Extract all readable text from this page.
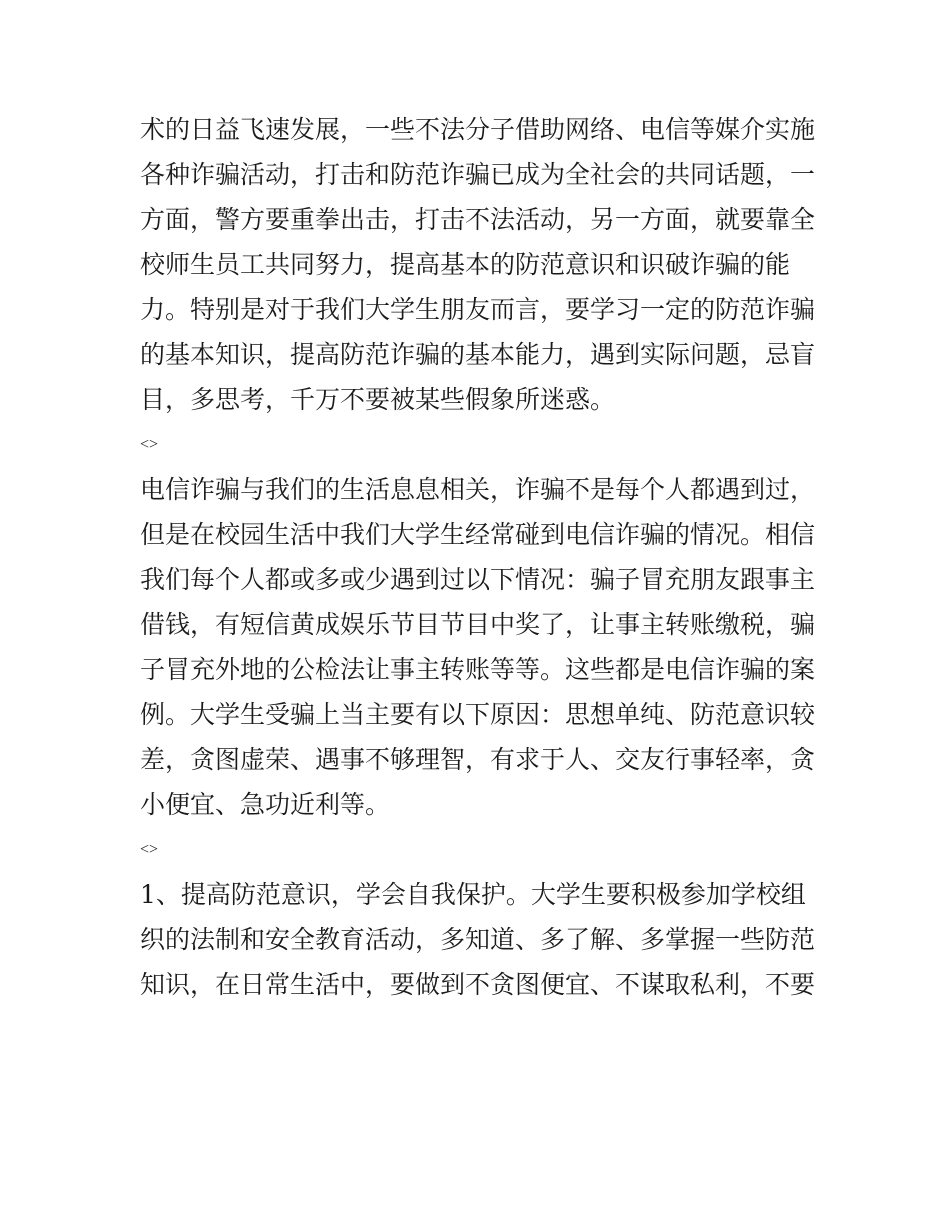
术的日益飞速发展，一些不法分子借助网络、电信等媒介实施
各种诈骗活动，打击和防范诈骗已成为全社会的共同话题，一
方面，警方要重拳出击，打击不法活动，另一方面，就要靠全
校师生员工共同努力，提高基本的防范意识和识破诈骗的能
力。特别是对于我们大学生朋友而言，要学习一定的防范诈骗
的基本知识，提高防范诈骗的基本能力，遇到实际问题，忌盲
目，多思考，千万不要被某些假象所迷惑。
<>
电信诈骗与我们的生活息息相关，诈骗不是每个人都遇到过，
但是在校园生活中我们大学生经常碰到电信诈骗的情况。相信
我们每个人都或多或少遇到过以下情况：骗子冒充朋友跟事主
借钱，有短信黄成娱乐节目节目中奖了，让事主转账缴税，骗
子冒充外地的公检法让事主转账等等。这些都是电信诈骗的案
例。大学生受骗上当主要有以下原因：思想单纯、防范意识较
差，贪图虚荣、遇事不够理智，有求于人、交友行事轻率，贪
小便宜、急功近利等。
<>
1、提高防范意识，学会自我保护。大学生要积极参加学校组
织的法制和安全教育活动，多知道、多了解、多掌握一些防范
知识，在日常生活中，要做到不贪图便宜、不谋取私利，不要
